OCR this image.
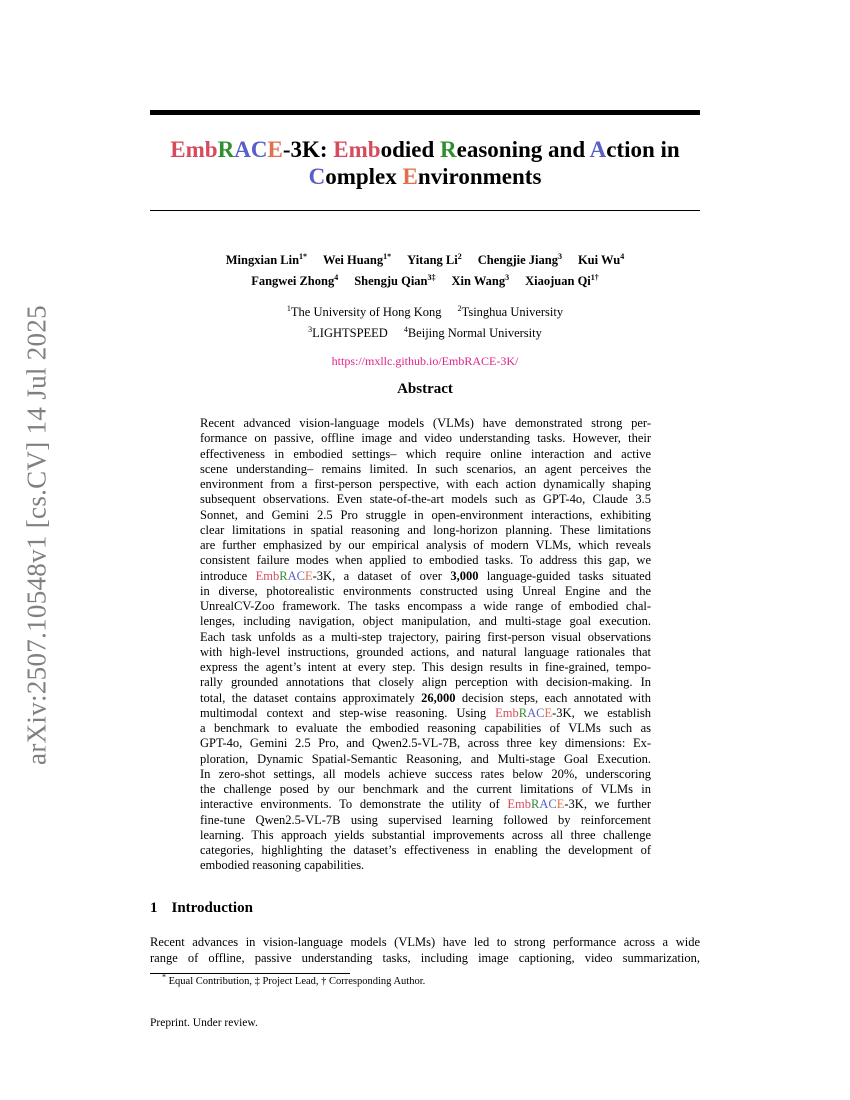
arXiv:2507.10548v1 [cs.CV] 14 Jul 2025
EmbRACE-3K: Embodied Reasoning and Action in
Complex Environments
Mingxian Lin$^{1*}$ Wei Huang$^{1*}$ Yitang Li$^2$ Chengjie Jiang$^3$ Kui Wu$^4$
Fangwei Zhong$^4$ Shengju Qian$^{3\ddagger}$ Xin Wang$^3$ Xiaojuan $Qi^{1\dagger}$
$^1$The University of Hong Kong $^2$Tsinghua University
$^3$LIGHTSPEED $^4$Beijing Normal University
https://mxllc.github.io/EmbRACE-3K/
Abstract
Recent advanced vision-language models (VLMs) have demonstrated strong per-
formance on passive, offline image and video understanding tasks. However, their
effectiveness in embodied settings– which require online interaction and active
scene understanding– remains limited. In such scenarios, an agent perceives the
environment from a first-person perspective, with each action dynamically shaping
subsequent observations. Even state-of-the-art models such as GPT-4o, Claude 3.5
Sonnet, and Gemini 2.5 Pro struggle in open-environment interactions, exhibiting
clear limitations in spatial reasoning and long-horizon planning. These limitations
are further emphasized by our empirical analysis of modern VLMs, which reveals
consistent failure modes when applied to embodied tasks. To address this gap, we
introduce EmbRACE-3K, a dataset of over 3,000 language-guided tasks situated
in diverse, photorealistic environments constructed using Unreal Engine and the
UnrealCV-Zoo framework. The tasks encompass a wide range of embodied chal-
lenges, including navigation, object manipulation, and multi-stage goal execution.
Each task unfolds as a multi-step trajectory, pairing first-person visual observations
with high-level instructions, grounded actions, and natural language rationales that
express the agent’s intent at every step. This design results in fine-grained, tempo-
rally grounded annotations that closely align perception with decision-making. In
total, the dataset contains approximately 26,000 decision steps, each annotated with
multimodal context and step-wise reasoning. Using EmbRACE-3K, we establish
a benchmark to evaluate the embodied reasoning capabilities of VLMs such as
GPT-4o, Gemini 2.5 Pro, and Qwen2.5-VL-7B, across three key dimensions: Ex-
ploration, Dynamic Spatial-Semantic Reasoning, and Multi-stage Goal Execution.
In zero-shot settings, all models achieve success rates below 20%, underscoring
the challenge posed by our benchmark and the current limitations of VLMs in
interactive environments. To demonstrate the utility of EmbRACE-3K, we further
fine-tune Qwen2.5-VL-7B using supervised learning followed by reinforcement
learning. This approach yields substantial improvements across all three challenge
categories, highlighting the dataset’s effectiveness in enabling the development of
embodied reasoning capabilities.
1 Introduction
Recent advances in vision-language models (VLMs) have led to strong performance across a wide
range of offline, passive understanding tasks, including image captioning, video summarization,
* Equal Contribution, ‡ Project Lead, † Corresponding Author.
Preprint. Under review.
